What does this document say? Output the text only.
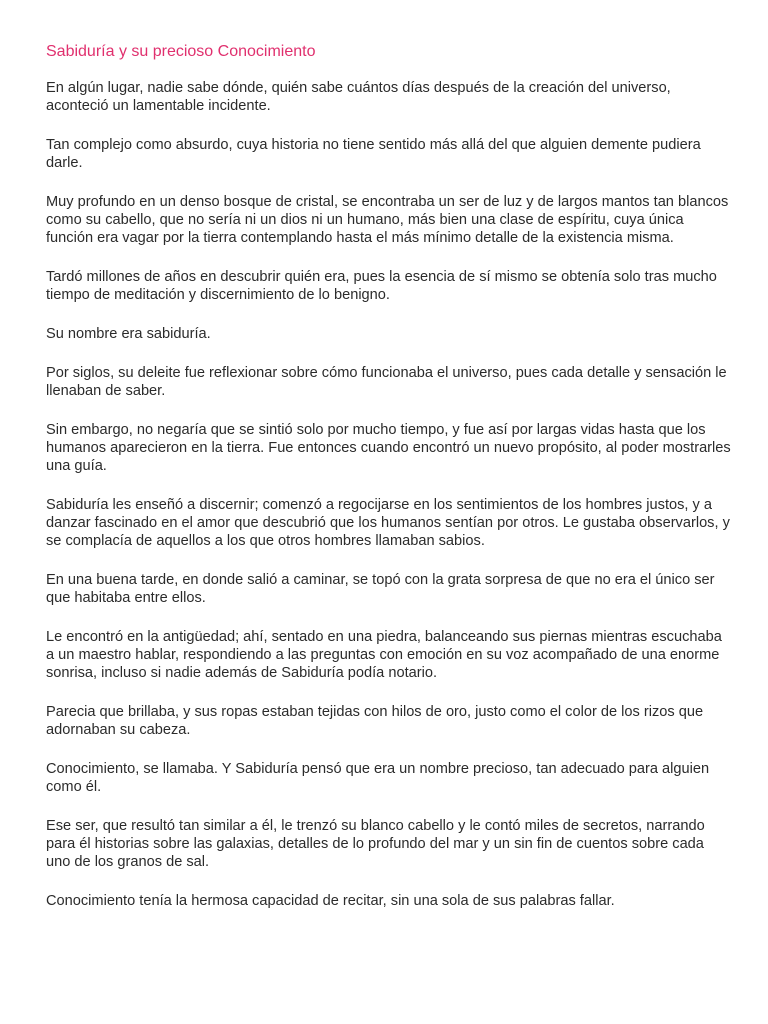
Sabiduría y su precioso Conocimiento

En algún lugar, nadie sabe dónde, quién sabe cuántos días después de la creación del universo, aconteció un lamentable incidente.

Tan complejo como absurdo, cuya historia no tiene sentido más allá del que alguien demente pudiera darle.

Muy profundo en un denso bosque de cristal, se encontraba un ser de luz y de largos mantos tan blancos como su cabello, que no sería ni un dios ni un humano, más bien una clase de espíritu, cuya única función era vagar por la tierra contemplando hasta el más mínimo detalle de la existencia misma.

Tardó millones de años en descubrir quién era, pues la esencia de sí mismo se obtenía solo tras mucho tiempo de meditación y discernimiento de lo benigno.

Su nombre era sabiduría.

Por siglos, su deleite fue reflexionar sobre cómo funcionaba el universo, pues cada detalle y sensación le llenaban de saber.

Sin embargo, no negaría que se sintió solo por mucho tiempo, y fue así por largas vidas hasta que los humanos aparecieron en la tierra. Fue entonces cuando encontró un nuevo propósito, al poder mostrarles una guía.

Sabiduría les enseñó a discernir; comenzó a regocijarse en los sentimientos de los hombres justos, y a danzar fascinado en el amor que descubrió que los humanos sentían por otros. Le gustaba observarlos, y se complacía de aquellos a los que otros hombres llamaban sabios.

En una buena tarde, en donde salió a caminar, se topó con la grata sorpresa de que no era el único ser que habitaba entre ellos.

Le encontró en la antigüedad; ahí, sentado en una piedra, balanceando sus piernas mientras escuchaba a un maestro hablar, respondiendo a las preguntas con emoción en su voz acompañado de una enorme sonrisa, incluso si nadie además de Sabiduría podía notario.

Parecia que brillaba, y sus ropas estaban tejidas con hilos de oro, justo como el color de los rizos que adornaban su cabeza.

Conocimiento, se llamaba. Y Sabiduría pensó que era un nombre precioso, tan adecuado para alguien como él.

Ese ser, que resultó tan similar a él, le trenzó su blanco cabello y le contó miles de secretos, narrando para él historias sobre las galaxias, detalles de lo profundo del mar y un sin fin de cuentos sobre cada uno de los granos de sal.

Conocimiento tenía la hermosa capacidad de recitar, sin una sola de sus palabras fallar.
